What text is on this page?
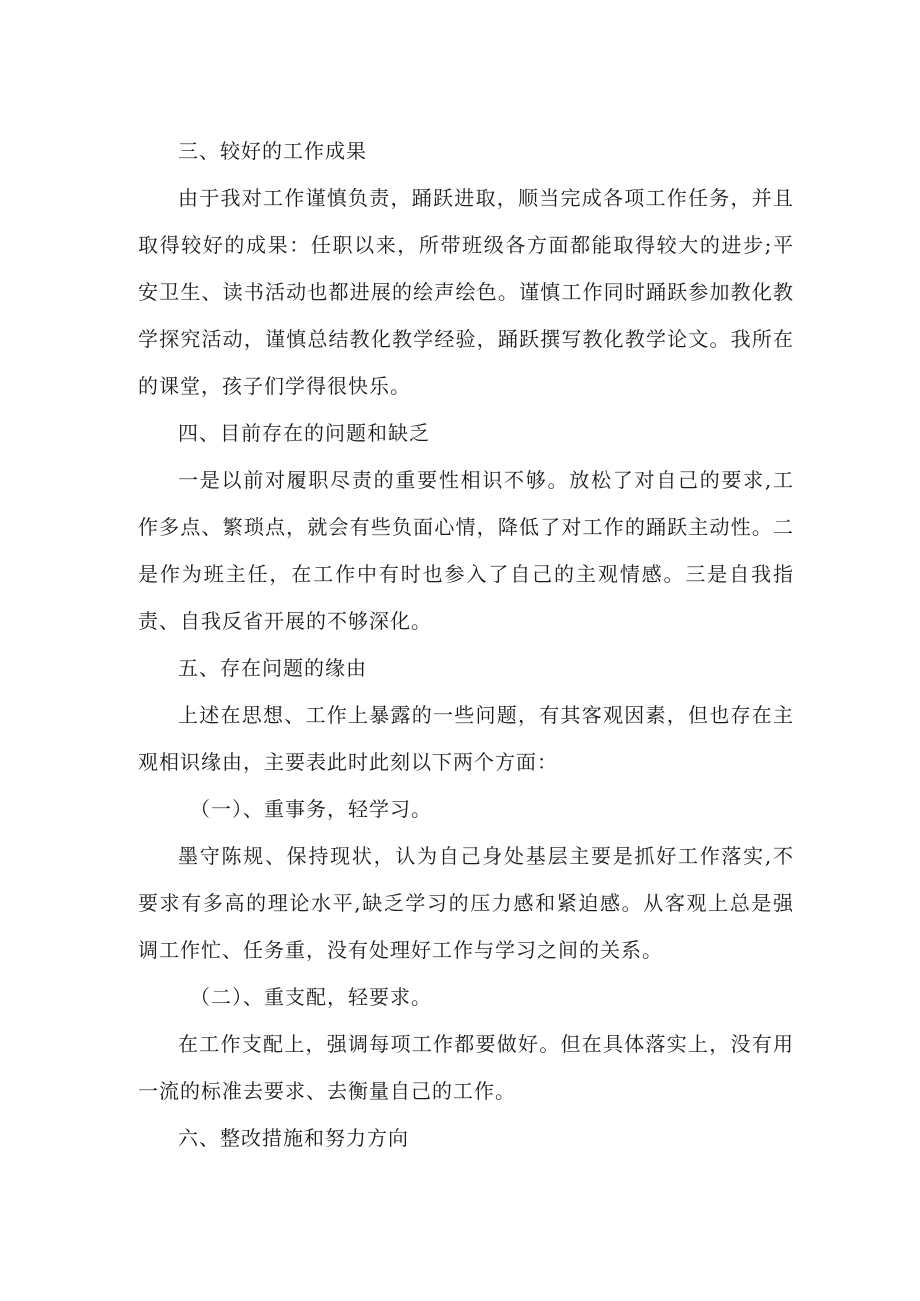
三、较好的工作成果

由于我对工作谨慎负责，踊跃进取，顺当完成各项工作任务，并且取得较好的成果：任职以来，所带班级各方面都能取得较大的进步;平安卫生、读书活动也都进展的绘声绘色。谨慎工作同时踊跃参加教化教学探究活动，谨慎总结教化教学经验，踊跃撰写教化教学论文。我所在的课堂，孩子们学得很快乐。

四、目前存在的问题和缺乏

一是以前对履职尽责的重要性相识不够。放松了对自己的要求,工作多点、繁琐点，就会有些负面心情，降低了对工作的踊跃主动性。二是作为班主任，在工作中有时也参入了自己的主观情感。三是自我指责、自我反省开展的不够深化。

五、存在问题的缘由

上述在思想、工作上暴露的一些问题，有其客观因素，但也存在主观相识缘由，主要表此时此刻以下两个方面：

（一）、重事务，轻学习。

墨守陈规、保持现状，认为自己身处基层主要是抓好工作落实,不要求有多高的理论水平,缺乏学习的压力感和紧迫感。从客观上总是强调工作忙、任务重，没有处理好工作与学习之间的关系。

（二）、重支配，轻要求。

在工作支配上，强调每项工作都要做好。但在具体落实上，没有用一流的标准去要求、去衡量自己的工作。

六、整改措施和努力方向
